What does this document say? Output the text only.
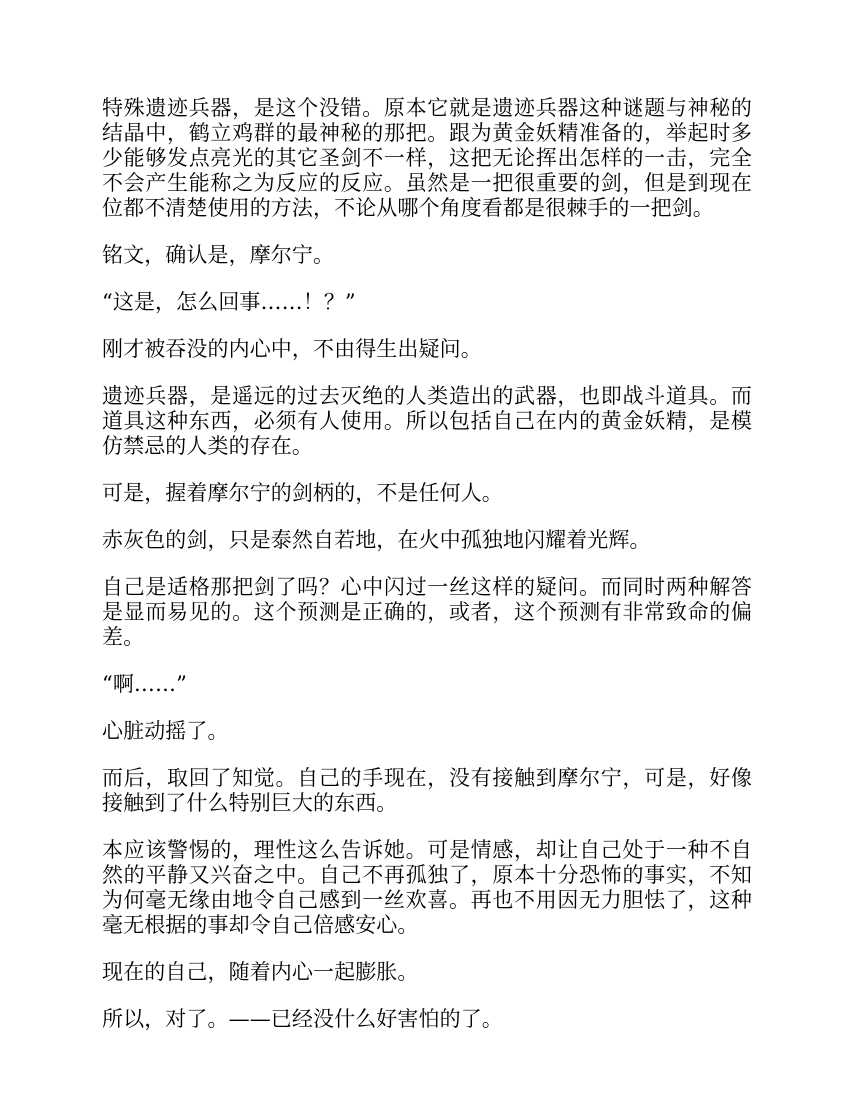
特殊遗迹兵器，是这个没错。原本它就是遗迹兵器这种谜题与神秘的结晶中，鹤立鸡群的最神秘的那把。跟为黄金妖精准备的，举起时多少能够发点亮光的其它圣剑不一样，这把无论挥出怎样的一击，完全不会产生能称之为反应的反应。虽然是一把很重要的剑，但是到现在位都不清楚使用的方法，不论从哪个角度看都是很棘手的一把剑。

铭文，确认是，摩尔宁。

“这是，怎么回事……！？”

刚才被吞没的内心中，不由得生出疑问。

遗迹兵器，是遥远的过去灭绝的人类造出的武器，也即战斗道具。而道具这种东西，必须有人使用。所以包括自己在内的黄金妖精，是模仿禁忌的人类的存在。

可是，握着摩尔宁的剑柄的，不是任何人。

赤灰色的剑，只是泰然自若地，在火中孤独地闪耀着光辉。

自己是适格那把剑了吗？心中闪过一丝这样的疑问。而同时两种解答是显而易见的。这个预测是正确的，或者，这个预测有非常致命的偏差。

“啊……”

心脏动摇了。

而后，取回了知觉。自己的手现在，没有接触到摩尔宁，可是，好像接触到了什么特别巨大的东西。

本应该警惕的，理性这么告诉她。可是情感，却让自己处于一种不自然的平静又兴奋之中。自己不再孤独了，原本十分恐怖的事实，不知为何毫无缘由地令自己感到一丝欢喜。再也不用因无力胆怯了，这种毫无根据的事却令自己倍感安心。

现在的自己，随着内心一起膨胀。

所以，对了。——已经没什么好害怕的了。
